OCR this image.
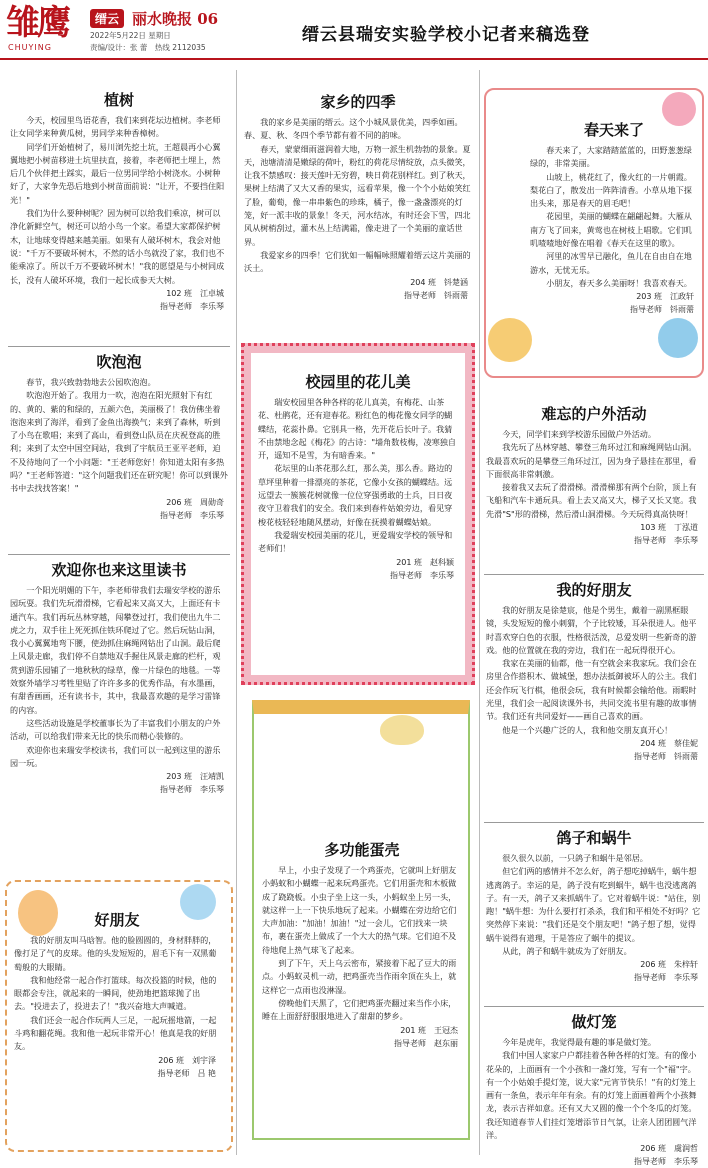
雏鹰
CHUYING
缙云 丽水晚报 06
2022年5月22日 星期日
责编/设计：张 蕾　热线 2112035
缙云县瑞安实验学校小记者来稿选登
植树

今天，校园里鸟语花香，我们来到花坛边植树。李老师让女同学来种黄瓜树，男同学来种香樟树。

同学们开始植树了，易川浏先挖土坑，王超晨再小心翼翼地把小树苗移进土坑里扶直，接着，李老师把土埋上，然后几个伙伴把土踩实，最后一位男同学给小树浇水。小树种好了，大家争先恐后地到小树苗面前说："让开，不要挡住阳光！"

我们为什么要种树呢？因为树可以给我们乘凉，树可以净化新鲜空气，树还可以给小鸟一个家。希望大家都保护树木，让地球变得越来越美丽。如果有人破坏树木，我会对他说："千万不要破坏树木，不然的话小鸟就没了家，我们也不能乘凉了。所以千万不要破坏树木！"我的愿望是与小树同成长，没有人破坏环境，我们一起长成参天大树。

102 班 江卓城
指导老师 李乐琴
吹泡泡

春节，我兴致勃勃地去公园吹泡泡。

吹泡泡开始了。我用力一吹，泡泡在阳光照射下有红的、黄的、紫的和绿的，五颜六色，美丽极了！我仿佛坐着泡泡来到了海洋，看到了金鱼出海换气；来到了森林，听到了小鸟在歌唱；来到了高山，看到登山队员在庆祝登高的胜利；来到了太空中国空间站，我到了宇航员王亚平老师，迫不及待地问了一个小问题："王老师您好！你知道太阳有多热吗？"王老师答道："这个问题我们还在研究呢！你可以到课外书中去找找答案！"

206 班 周勋奇
指导老师 李乐琴
欢迎你也来这里读书

一个阳光明媚的下午，李老师带我们去瑞安学校的游乐园玩耍。我们先玩滑滑梯，它看起来又高又大，上面还有卡通汽车。我们再玩丛林穿越，闯攀登过打，我们使出九牛二虎之力，双手往上死死抓住铁环爬过了它。然后玩钻山洞，我小心翼翼地弯下腰，使劲抓住麻绳网钻出了山洞。最后爬上风景走廊，我们停不自禁地双手握住风景走廊的栏杆，观赏到游乐园铺了一地秋秋的绿草，像一片绿色的地毯。一等效察外墙学习考牲里贴了许许多多的优秀作品，有水墨画，有甜香画画，还有读书卡，其中，我最喜欢趣的是学习雷锋的内容。

这些活动设施是学校董事长为了丰富我们小朋友的户外活动，可以给我们带来无比的快乐而精心装修的。

欢迎你也来瑞安学校读书，我们可以一起到这里的游乐园一玩。

203 班 汪靖凯
指导老师 李乐琴
好朋友

我的好朋友叫马晗智。他的脸圆圆的，身材胖胖的，像打足了气的皮球。他的头发短短的，眉毛下有一双黑葡萄般的大眼睛。

我和他经常一起合作打篮球。每次投篮的时候，他的眼都会专注，就起来的一瞬间，使劲地把篮球抛了出去。"投进去了，投进去了！"我兴奋地大声喊道。

我们还会一起合作玩两人三足，一起玩摇地箭，一起斗鸡和翻花绳。我和他一起玩非常开心！他真是我的好朋友。

206 班 刘宇泽
指导老师 吕 艳
家乡的四季

我的家乡是美丽的缙云。这个小城风景优美，四季如画。春、夏、秋、冬四个季节都有着不同的韵味。

春天，蒙蒙细雨滋润着大地，万物一派生机勃勃的景象。夏天，池塘清清是嫩绿的荷叶，粉红的荷花尽情绽放，点头微笑，让我不禁感叹：接天莲叶无穷碧，映日荷花别样红。到了秋天，果树上结满了又大又香的果实，远看苹果，像一个个小姑娘笑红了脸，葡萄，像一串串紫色的珍珠，橘子，像一盏盏漂亮的灯笼，好一派丰收的景象！冬天，河水结冰，有时还会下雪，四北风从树梢刮过，灌木丛上结满霜，像走进了一个美丽的童话世界。

我爱家乡的四季！它们犹如一幅幅咏照耀着缙云这片美丽的沃土。

204 班 钭楚涵
指导老师 钭雨薷
校园里的花儿美

瑞安校园里各种各样的花儿真美，有梅花、山茶花、杜鹃花，还有迎春花。粉红色的梅花像女同学的蝴蝶结，花蕊扑鼻。它别具一格，先开花后长叶子。我猜不由禁地念起《梅花》的古诗："墙角数枝梅，凌寒独自开，遥知不是雪，为有暗香来。"

花坛里的山茶花那么红，那么美，那么香。路边的草坪里种着一排漂亮的茶花，它像小女孩的蝴蝶结。远远望去一簇簇花树就像一位位穿强勇敢的士兵，日日夜夜守卫着我们的安全。我们来到春杵姑娘旁边，看见穿梭花枝轻轻地随风摆动，好像在抚摸着蝴蝶姑娘。

我爱瑞安校园美丽的花儿，更爱瑞安学校的领导和老师们！

201 班 赵科颖
指导老师 李乐琴
多功能蛋壳

早上，小虫子发现了一个鸡蛋壳，它就叫上好朋友小蚂蚁和小蝴蝶一起来玩鸡蛋壳。它们用蛋壳和木板做成了跷跷板。小虫子坐上这一头，小蚂蚁坐上另一头，就这样一上一下快乐地玩了起来。小蝴蝶在旁边给它们大声加油："加油！加油！"过一会儿，它们找来一块布，裹在蛋壳上做成了一个大大的热气球。它们迫不及待地爬上热气球飞了起来。

到了下午，天上乌云密布，紧接着下起了豆大的雨点。小蚂蚁灵机一动，把鸡蛋壳当作雨伞顶在头上，就这样它一点雨也没淋湿。

傍晚他们天黑了，它们把鸡蛋壳翻过来当作小床，睡在上面舒舒服服地进入了甜甜的梦乡。

201 班 王冠杰
指导老师 赵东丽
春天来了

春天来了，大家踏踏蓝蓝的，田野葱葱绿绿的，非常美丽。

山坡上，桃花红了，像火红的一片朝霞。梨花白了，散发出一阵阵清香。小草从地下探出头来，那是春天的眉毛吧！

花园里，美丽的蝴蝶在翩翩起舞。大雁从南方飞了回来，黄莺也在树枝上唱歌。它们叽叽喳喳地好像在唱着《春天在这里的歌》。

河里的冰雪早已融化，鱼儿在自由自在地游水，无忧无乐。

小朋友，春天多么美丽呀！我喜欢春天。

203 班 江政轩
指导老师 钭雨薷
难忘的户外活动

今天，同学们来到学校游乐园做户外活动。

我先玩了丛林穿越、攀登三角环过江和麻绳网钻山洞。我最喜欢玩的是攀登三角环过江，因为身子悬挂在那里，看下面很高非常刺激。

接着我又去玩了滑滑梯。滑滑梯那有两个台阶，顶上有飞船和汽车卡通玩具。看上去又高又大，梯子又长又宽。我先滑"S"形的滑梯，然后滑山洞滑梯。今天玩得真高快呀！

103 班 丁泓道
指导老师 李乐琴
我的好朋友

我的好朋友是徐楚宸，他是个男生，戴着一副黑框眼镜，头发短短的像小刺猬，个子比较矮，耳朵很进人。他平时喜欢穿白色的衣服，性格很活泼，总爱发明一些新奇的游戏。他的位置就在我的旁边，我们在一起玩得很开心。

我家在美丽的仙都，他一有空就会来我家玩。我们会在房里合作搭积木、做城堡，想办法抵御被坏人的公主。我们还会作玩飞行棋，他很会玩，我有时候都会输给他。雨暇时光里，我们会一起阅读课外书，共同交流书里有趣的故事情节。我们还有共同爱好——画自己喜欢的画。

他是一个兴趣广泛的人，我和他交朋友真开心！

204 班 蔡佳妮
指导老师 钭雨薷
鸽子和蜗牛

很久很久以前，一只鸽子和蜗牛是邻居。

但它们两的感情并不怎么好，鸽子想吃掉蜗牛，蜗牛想逃离鸽子。幸运的是，鸽子没有吃到蜗牛，蜗牛也没逃离鸽子。有一天，鸽子又来抓蜗牛了。它对着蜗牛说："站住，别跑！"蜗牛想：为什么要打打杀杀，我们和平相处不好吗？它突然停下来说："我们还是交个朋友吧！"鸽子想了想，觉得蜗牛说得有道理，于是答应了蜗牛的提议。

从此，鸽子和蜗牛就成为了好朋友。

206 班 朱梓轩
指导老师 李乐琴
做灯笼

今年是虎年，我觉得最有趣的事是做灯笼。

我们中国人家家户户都挂着各种各样的灯笼。有的像小花朵的，上面画有一个小孩和一盏灯笼，写有一个"福"字。有一个小姑娘手提灯笼，说大家"元宵节快乐！"有的灯笼上画有一条鱼，表示年年有余。有的灯笼上面画着两个小孩舞龙，表示吉祥如意。还有又大又圆的像一个个冬瓜的灯笼。我还知道春节人们挂灯笼增添节日气氛，让亲人团团圆气洋洋。

206 班 虞润哲
指导老师 李乐琴
